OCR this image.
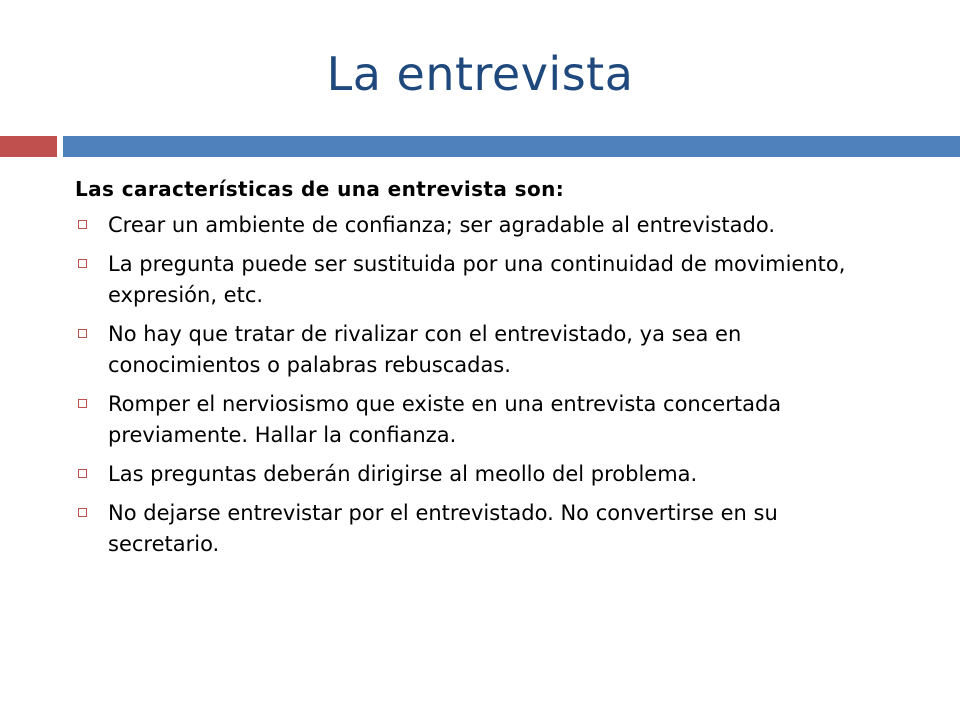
La entrevista
Las características de una entrevista son:
Crear un ambiente de confianza; ser agradable al entrevistado.
La pregunta puede ser sustituida por una continuidad de movimiento, expresión, etc.
No hay que tratar de rivalizar con el entrevistado, ya sea en conocimientos o palabras rebuscadas.
Romper el nerviosismo que existe en una entrevista concertada previamente. Hallar la confianza.
Las preguntas deberán dirigirse al meollo del problema.
No dejarse entrevistar por el entrevistado. No convertirse en su secretario.
